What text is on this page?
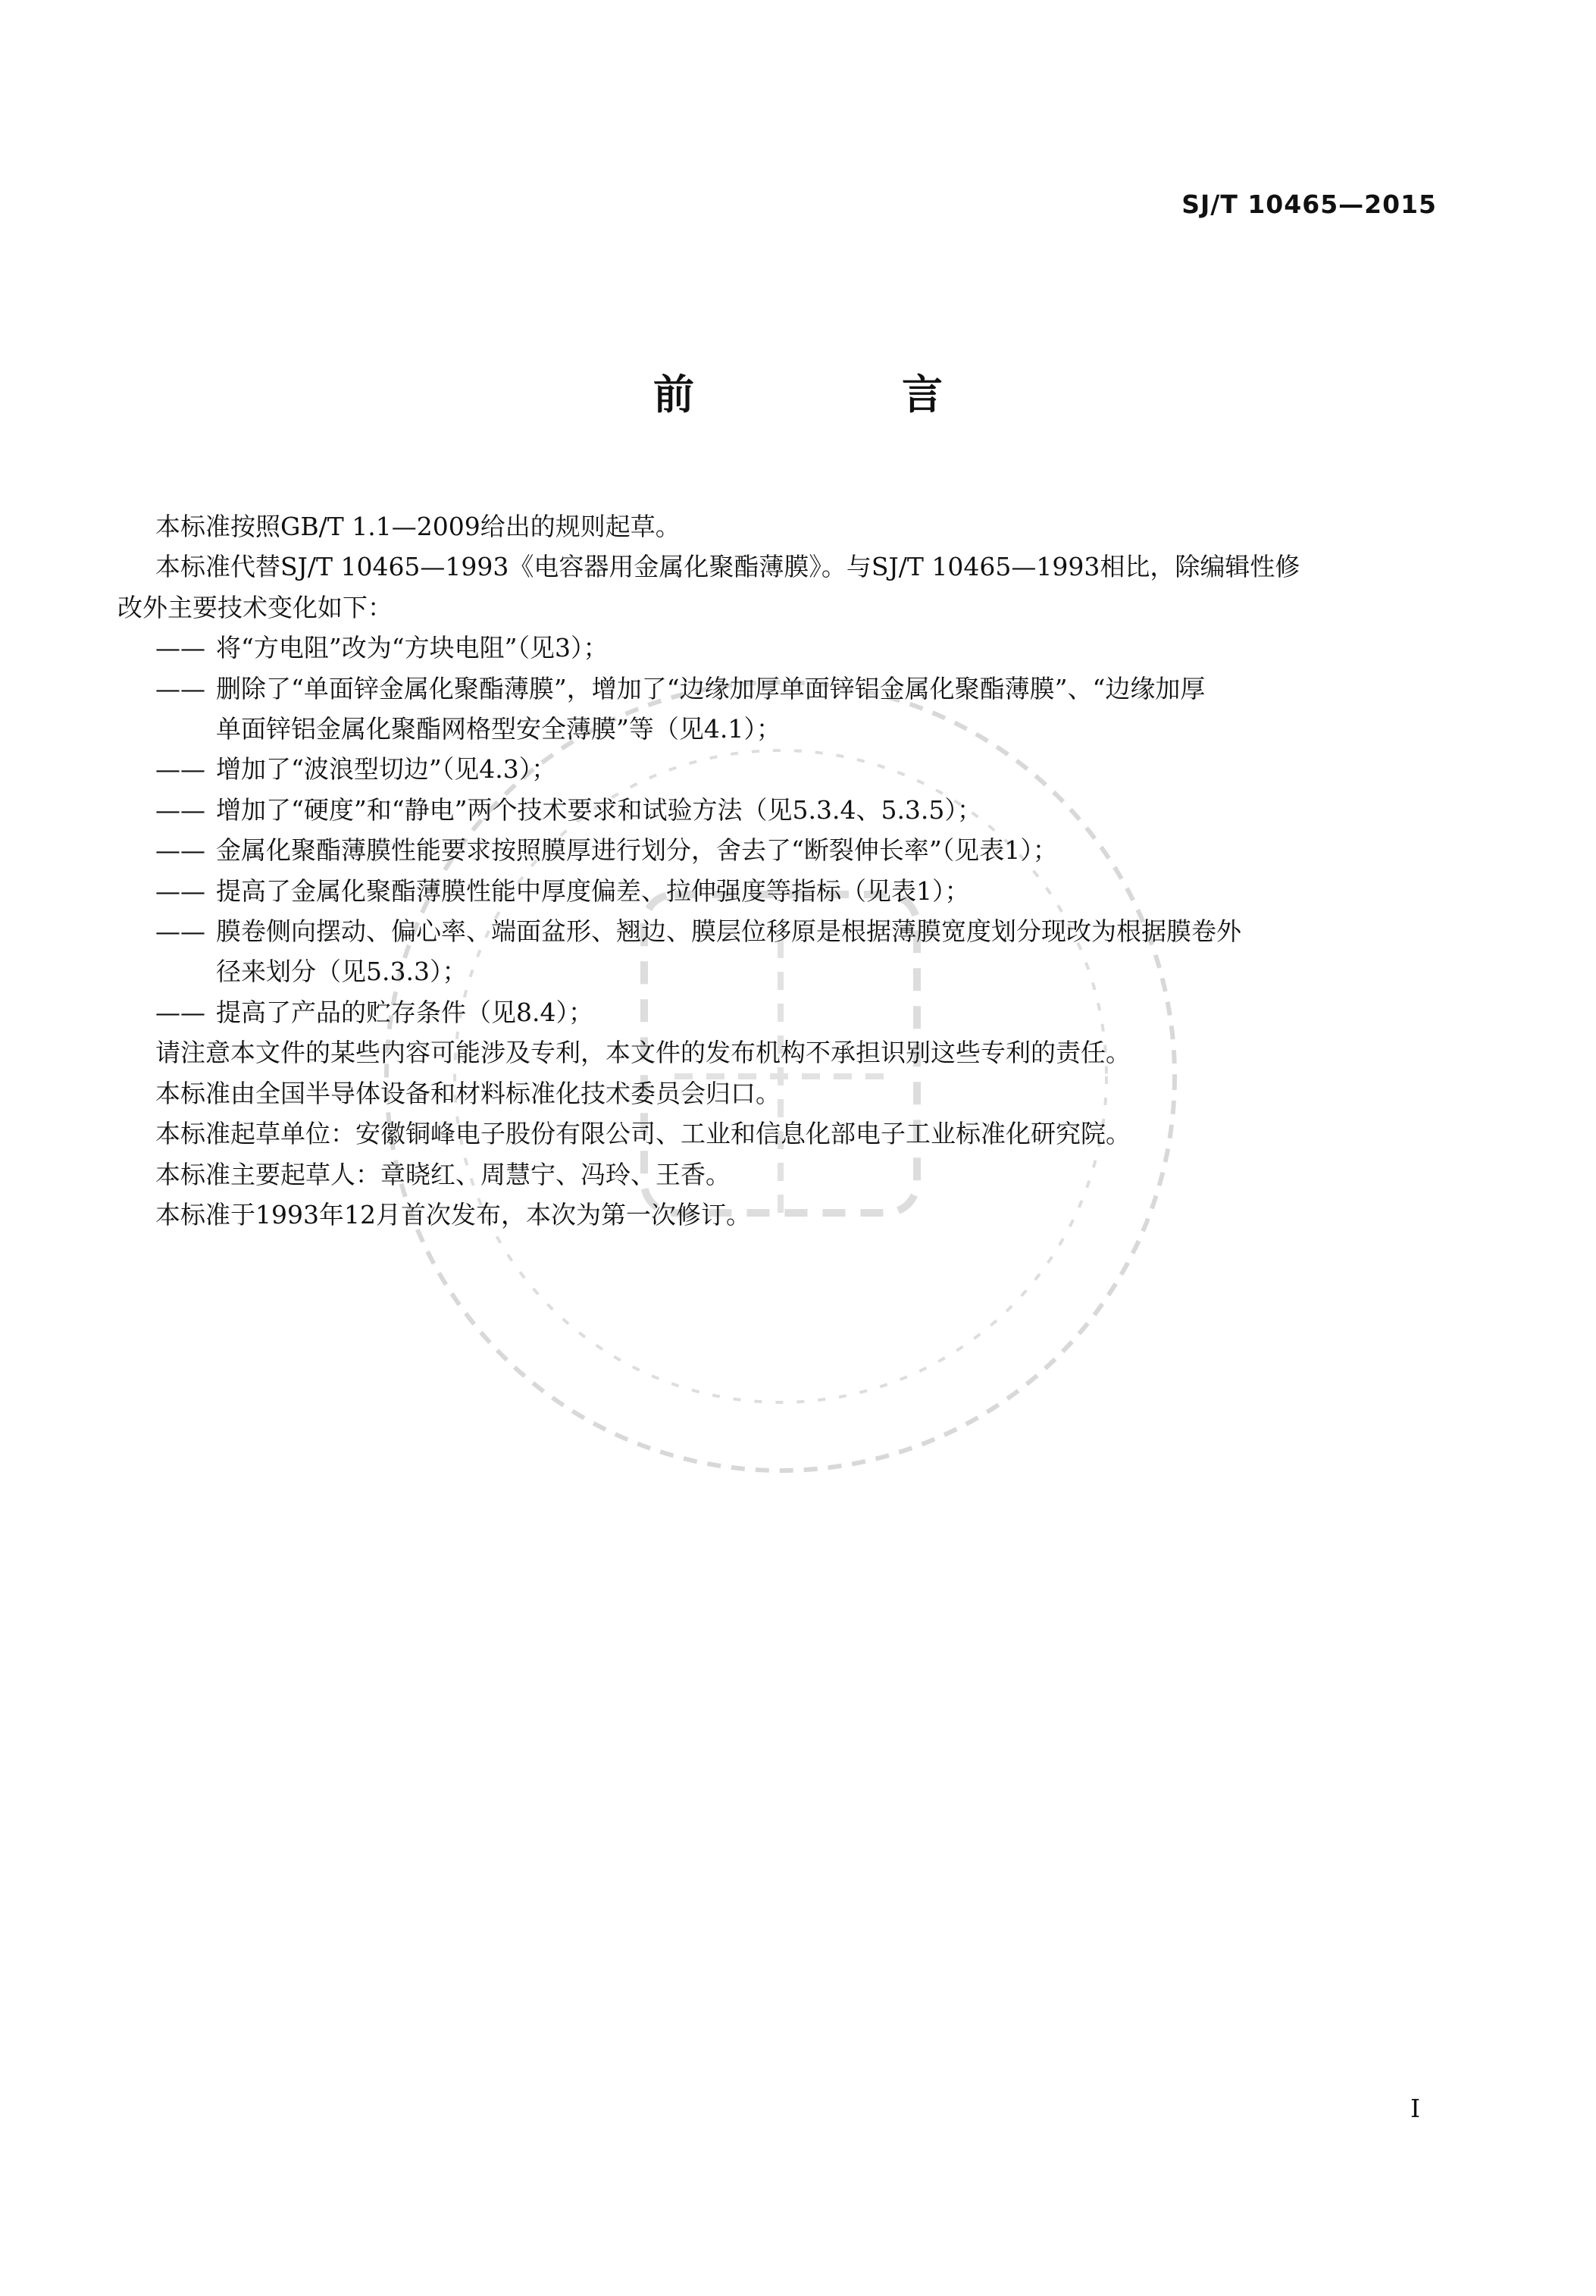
SJ/T 10465—2015
前　言

本标准按照GB/T 1.1—2009给出的规则起草。

本标准代替SJ/T 10465—1993《电容器用金属化聚酯薄膜》。与SJ/T 10465—1993相比，除编辑性修
改外主要技术变化如下：

—— 将“方电阻”改为“方块电阻”（见3）；
—— 删除了“单面锌金属化聚酯薄膜”，增加了“边缘加厚单面锌铝金属化聚酯薄膜”、“边缘加厚
单面锌铝金属化聚酯网格型安全薄膜”等（见4.1）；
—— 增加了“波浪型切边”（见4.3）；
—— 增加了“硬度”和“静电”两个技术要求和试验方法（见5.3.4、5.3.5）；
—— 金属化聚酯薄膜性能要求按照膜厚进行划分，舍去了“断裂伸长率”（见表1）；
—— 提高了金属化聚酯薄膜性能中厚度偏差、拉伸强度等指标（见表1）；
—— 膜卷侧向摆动、偏心率、端面盆形、翘边、膜层位移原是根据薄膜宽度划分现改为根据膜卷外
径来划分（见5.3.3）；
—— 提高了产品的贮存条件（见8.4）；

请注意本文件的某些内容可能涉及专利，本文件的发布机构不承担识别这些专利的责任。

本标准由全国半导体设备和材料标准化技术委员会归口。

本标准起草单位：安徽铜峰电子股份有限公司、工业和信息化部电子工业标准化研究院。

本标准主要起草人：章晓红、周慧宁、冯玲、王香。

本标准于1993年12月首次发布，本次为第一次修订。

I
